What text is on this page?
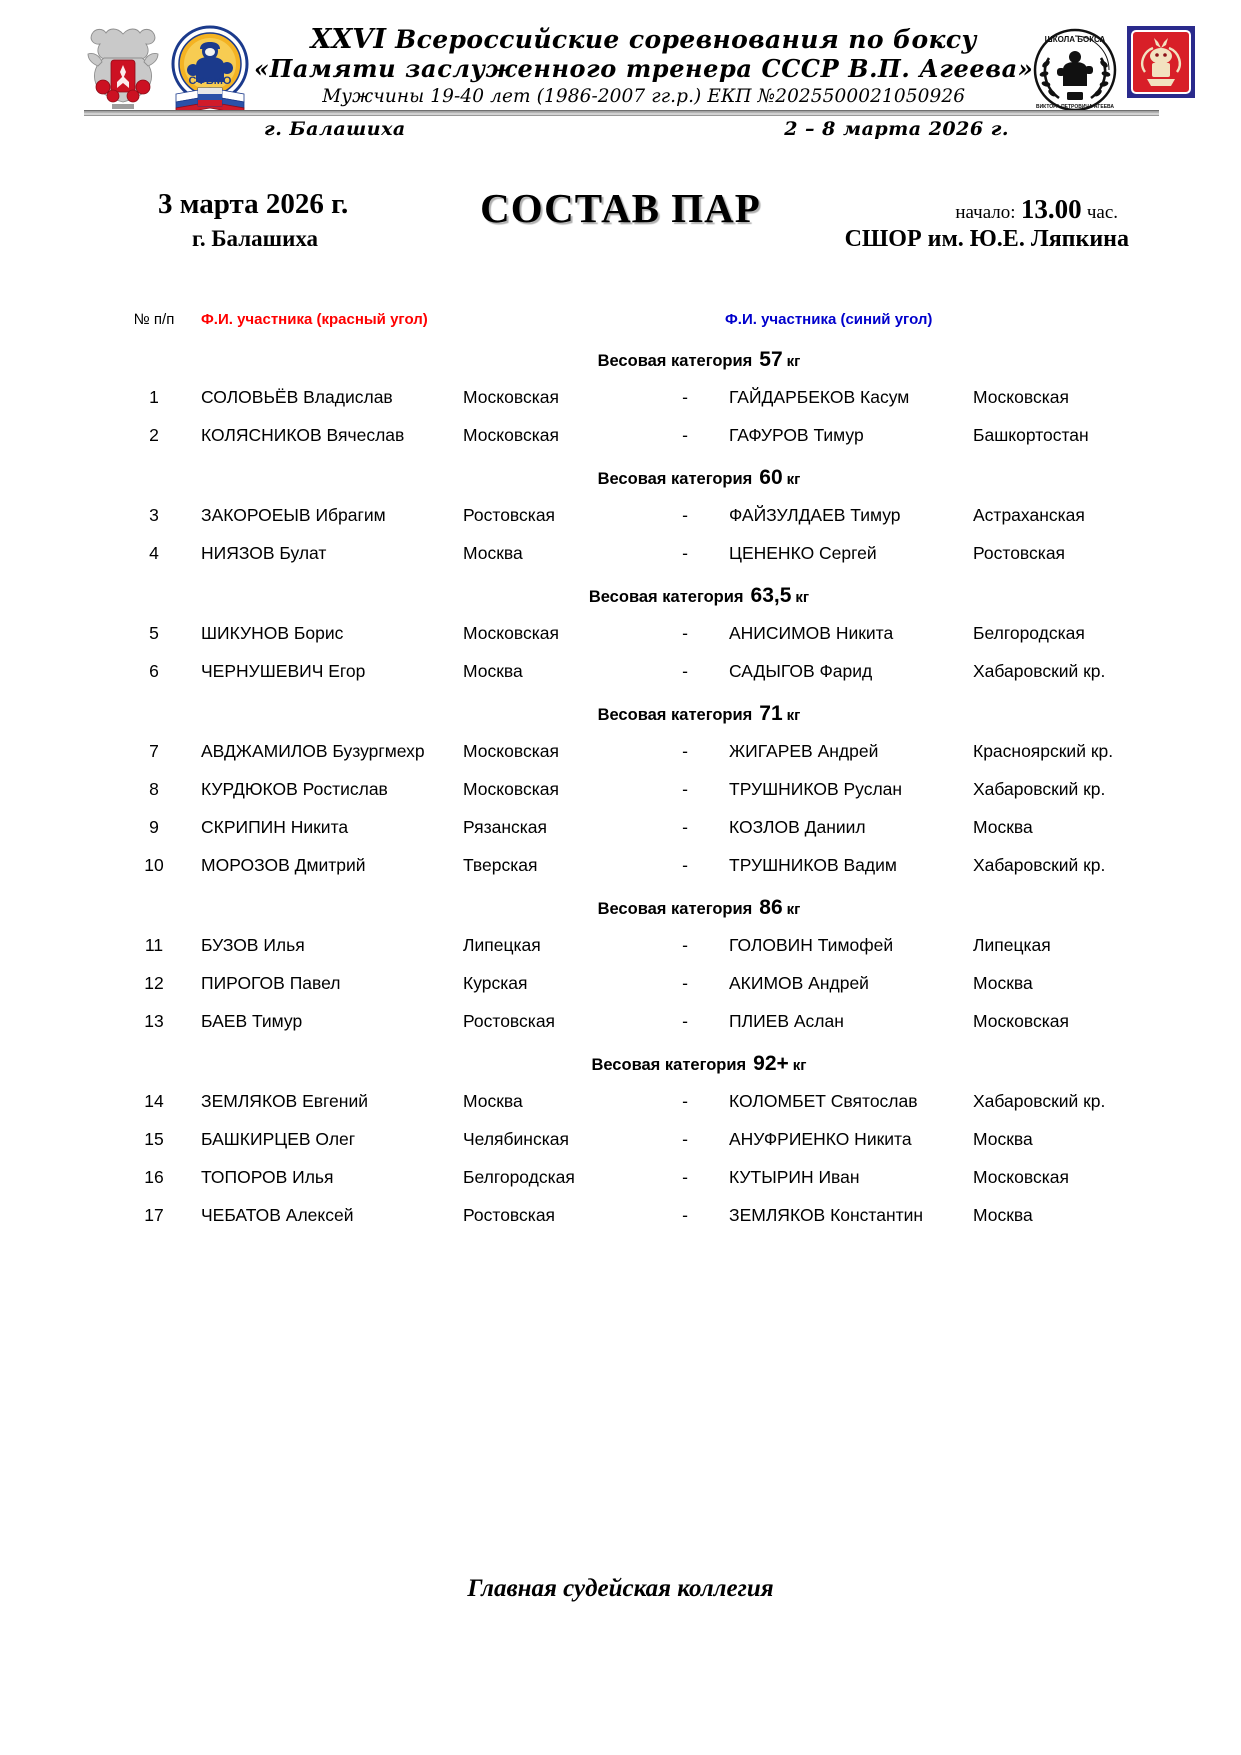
СФБМО
XXVI Всероссийские соревнования по боксу
«Памяти заслуженного тренера СССР В.П. Агеева»
Мужчины 19-40 лет (1986-2007 гг.р.) ЕКП №2025500021050926
ШКОЛА БОКСА
ВИКТОРА ПЕТРОВИЧА АГЕЕВА
г. Балашиха	2 – 8 марта 2026 г.
3 марта 2026 г.
г. Балашиха
СОСТАВ ПАР	начало: 13.00 час.
СШОР им. Ю.Е. Ляпкина
№ п/п	Ф.И. участника (красный угол)			Ф.И. участника (синий угол)	
Весовая категория 57 кг					
1	СОЛОВЬЁВ Владислав	Московская	-	ГАЙДАРБЕКОВ Касум	Московская
2	КОЛЯСНИКОВ Вячеслав	Московская	-	ГАФУРОВ Тимур	Башкортостан
Весовая категория 60 кг					
3	ЗАКОРОЕЫВ Ибрагим	Ростовская	-	ФАЙЗУЛДАЕВ Тимур	Астраханская
4	НИЯЗОВ Булат	Москва	-	ЦЕНЕНКО Сергей	Ростовская
Весовая категория 63,5 кг					
5	ШИКУНОВ Борис	Московская	-	АНИСИМОВ Никита	Белгородская
6	ЧЕРНУШЕВИЧ Егор	Москва	-	САДЫГОВ Фарид	Хабаровский кр.
Весовая категория 71 кг					
7	АВДЖАМИЛОВ Бузургмехр	Московская	-	ЖИГАРЕВ Андрей	Красноярский кр.
8	КУРДЮКОВ Ростислав	Московская	-	ТРУШНИКОВ Руслан	Хабаровский кр.
9	СКРИПИН Никита	Рязанская	-	КОЗЛОВ Даниил	Москва
10	МОРОЗОВ Дмитрий	Тверская	-	ТРУШНИКОВ Вадим	Хабаровский кр.
Весовая категория 86 кг					
11	БУЗОВ Илья	Липецкая	-	ГОЛОВИН Тимофей	Липецкая
12	ПИРОГОВ Павел	Курская	-	АКИМОВ Андрей	Москва
13	БАЕВ Тимур	Ростовская	-	ПЛИЕВ Аслан	Московская
Весовая категория 92+ кг					
14	ЗЕМЛЯКОВ Евгений	Москва	-	КОЛОМБЕТ Святослав	Хабаровский кр.
15	БАШКИРЦЕВ Олег	Челябинская	-	АНУФРИЕНКО Никита	Москва
16	ТОПОРОВ Илья	Белгородская	-	КУТЫРИН Иван	Московская
17	ЧЕБАТОВ Алексей	Ростовская	-	ЗЕМЛЯКОВ Константин	Москва
Главная судейская коллегия
